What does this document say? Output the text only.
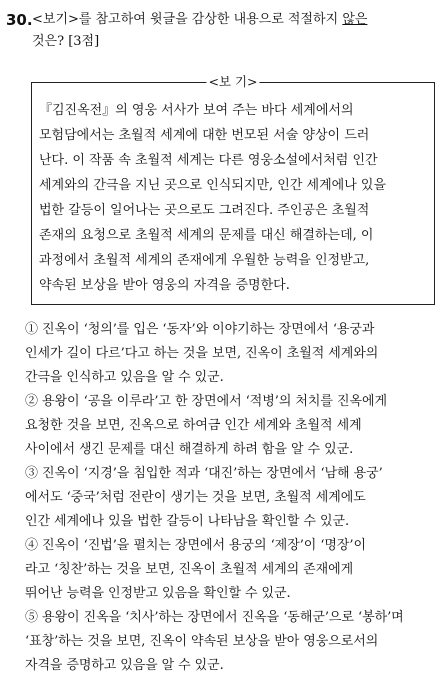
30. <보기>를 참고하여 윗글을 감상한 내용으로 적절하지 않은
것은? [3점]
<보 기>
『김진옥전』의 영웅 서사가 보여 주는 바다 세계에서의
모험담에서는 초월적 세계에 대한 번모된 서술 양상이 드러
난다. 이 작품 속 초월적 세계는 다른 영웅소설에서처럼 인간
세계와의 간극을 지닌 곳으로 인식되지만, 인간 세계에나 있을
법한 갈등이 일어나는 곳으로도 그려진다. 주인공은 초월적
존재의 요청으로 초월적 세계의 문제를 대신 해결하는데, 이
과정에서 초월적 세계의 존재에게 우월한 능력을 인정받고,
약속된 보상을 받아 영웅의 자격을 증명한다.
① 진옥이 ‘청의’를 입은 ‘동자’와 이야기하는 장면에서 ‘용궁과
인세가 길이 다르’다고 하는 것을 보면, 진옥이 초월적 세계와의
간극을 인식하고 있음을 알 수 있군.
② 용왕이 ‘공을 이루라’고 한 장면에서 ‘적병’의 처치를 진옥에게
요청한 것을 보면, 진옥으로 하여금 인간 세계와 초월적 세계
사이에서 생긴 문제를 대신 해결하게 하려 함을 알 수 있군.
③ 진옥이 ‘지경’을 침입한 적과 ‘대진’하는 장면에서 ‘남해 용궁’
에서도 ‘중국’처럼 전란이 생기는 것을 보면, 초월적 세계에도
인간 세계에나 있을 법한 갈등이 나타남을 확인할 수 있군.
④ 진옥이 ‘진법’을 펼치는 장면에서 용궁의 ‘제장’이 ‘명장’이
라고 ‘칭찬’하는 것을 보면, 진옥이 초월적 세계의 존재에게
뛰어난 능력을 인정받고 있음을 확인할 수 있군.
⑤ 용왕이 진옥을 ‘치사’하는 장면에서 진옥을 ‘동해군’으로 ‘봉하’며
‘표창’하는 것을 보면, 진옥이 약속된 보상을 받아 영웅으로서의
자격을 증명하고 있음을 알 수 있군.
